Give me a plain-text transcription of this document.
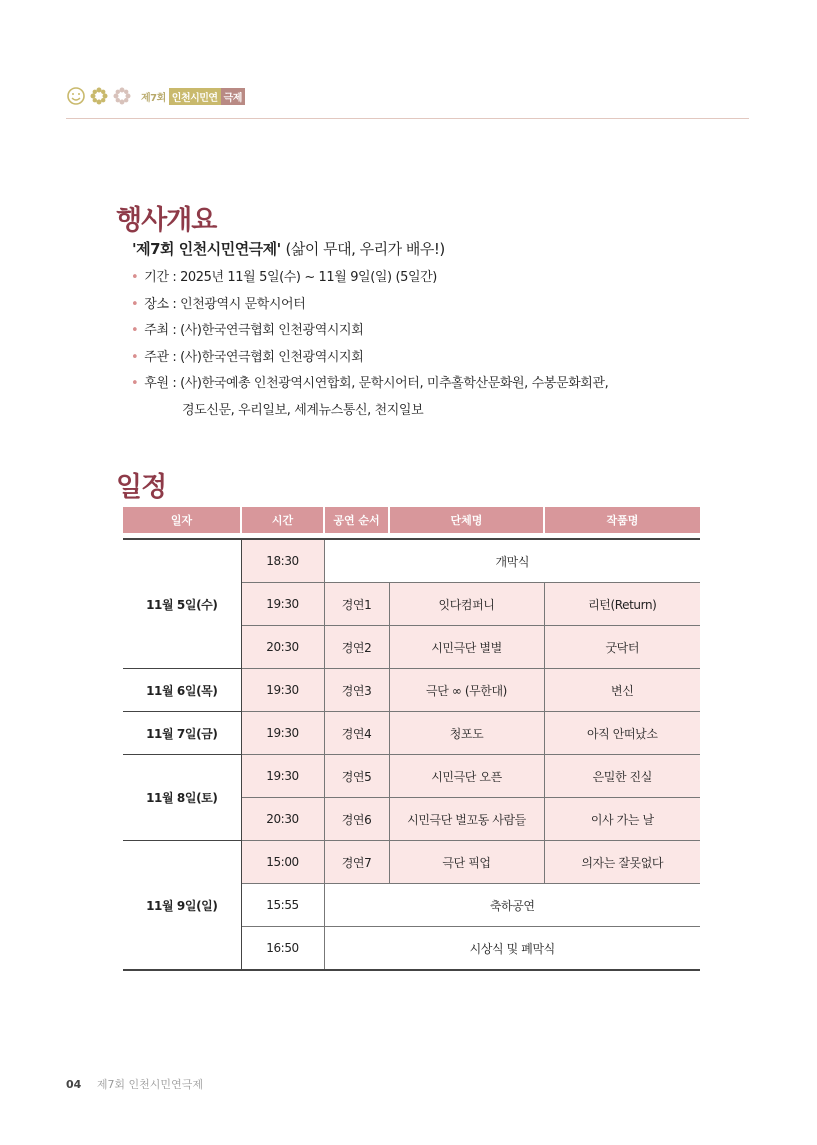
제7회 인천시민연 극제
행사개요
'제7회 인천시민연극제' (삶이 무대, 우리가 배우!)
• 기간 : 2025년 11월 5일(수) ~ 11월 9일(일) (5일간)
• 장소 : 인천광역시 문학시어터
• 주최 : (사)한국연극협회 인천광역시지회
• 주관 : (사)한국연극협회 인천광역시지회
• 후원 : (사)한국예총 인천광역시연합회, 문학시어터, 미추홀학산문화원, 수봉문화회관,
경도신문, 우리일보, 세계뉴스통신, 천지일보
일정
일자	시간	공연 순서	단체명	작품명

11월 5일(수)	18:30	개막식		
	19:30	경연1	잇다컴퍼니	리턴(Return)
	20:30	경연2	시민극단 별별	굿닥터
11월 6일(목)	19:30	경연3	극단 ∞ (무한대)	변신
11월 7일(금)	19:30	경연4	청포도	아직 안떠났소
11월 8일(토)	19:30	경연5	시민극단 오픈	은밀한 진실
	20:30	경연6	시민극단 벌꼬동 사람들	이사 가는 날
11월 9일(일)	15:00	경연7	극단 픽업	의자는 잘못없다
	15:55	축하공연		
	16:50	시상식 및 폐막식		
04 제7회 인천시민연극제
